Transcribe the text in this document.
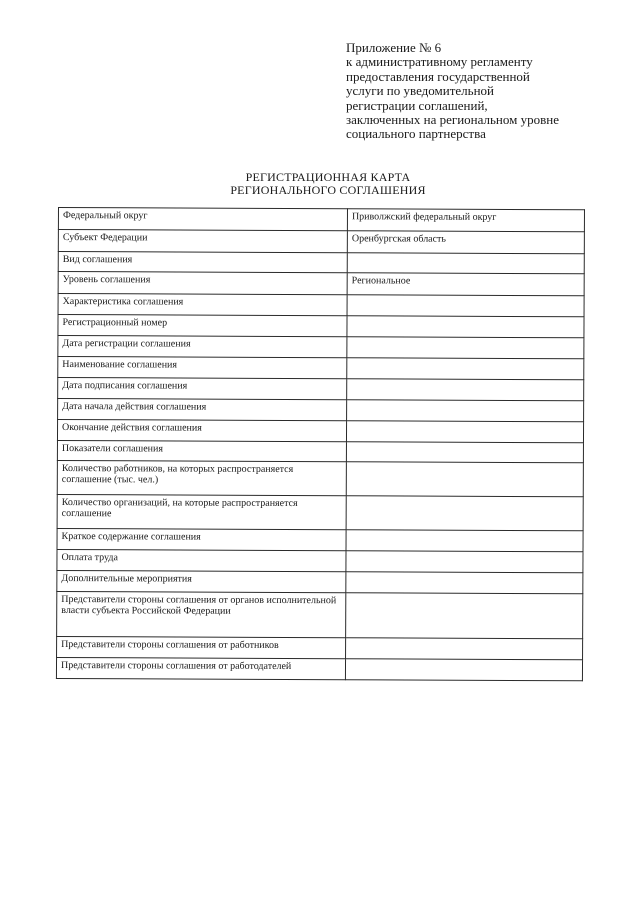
Приложение № 6
к административному регламенту
предоставления государственной
услуги по уведомительной
регистрации соглашений,
заключенных на региональном уровне
социального партнерства
РЕГИСТРАЦИОННАЯ КАРТА
РЕГИОНАЛЬНОГО СОГЛАШЕНИЯ
Федеральный округ	Приволжский федеральный округ
Субъект Федерации	Оренбургская область
Вид соглашения	
Уровень соглашения	Региональное
Характеристика соглашения	
Регистрационный номер	
Дата регистрации соглашения	
Наименование соглашения	
Дата подписания соглашения	
Дата начала действия соглашения	
Окончание действия соглашения	
Показатели соглашения	
Количество работников, на которых распространяется соглашение (тыс. чел.)	
Количество организаций, на которые распространяется соглашение	
Краткое содержание соглашения	
Оплата труда	
Дополнительные мероприятия	
Представители стороны соглашения от органов исполнительной власти субъекта Российской Федерации	
Представители стороны соглашения от работников	
Представители стороны соглашения от работодателей	
